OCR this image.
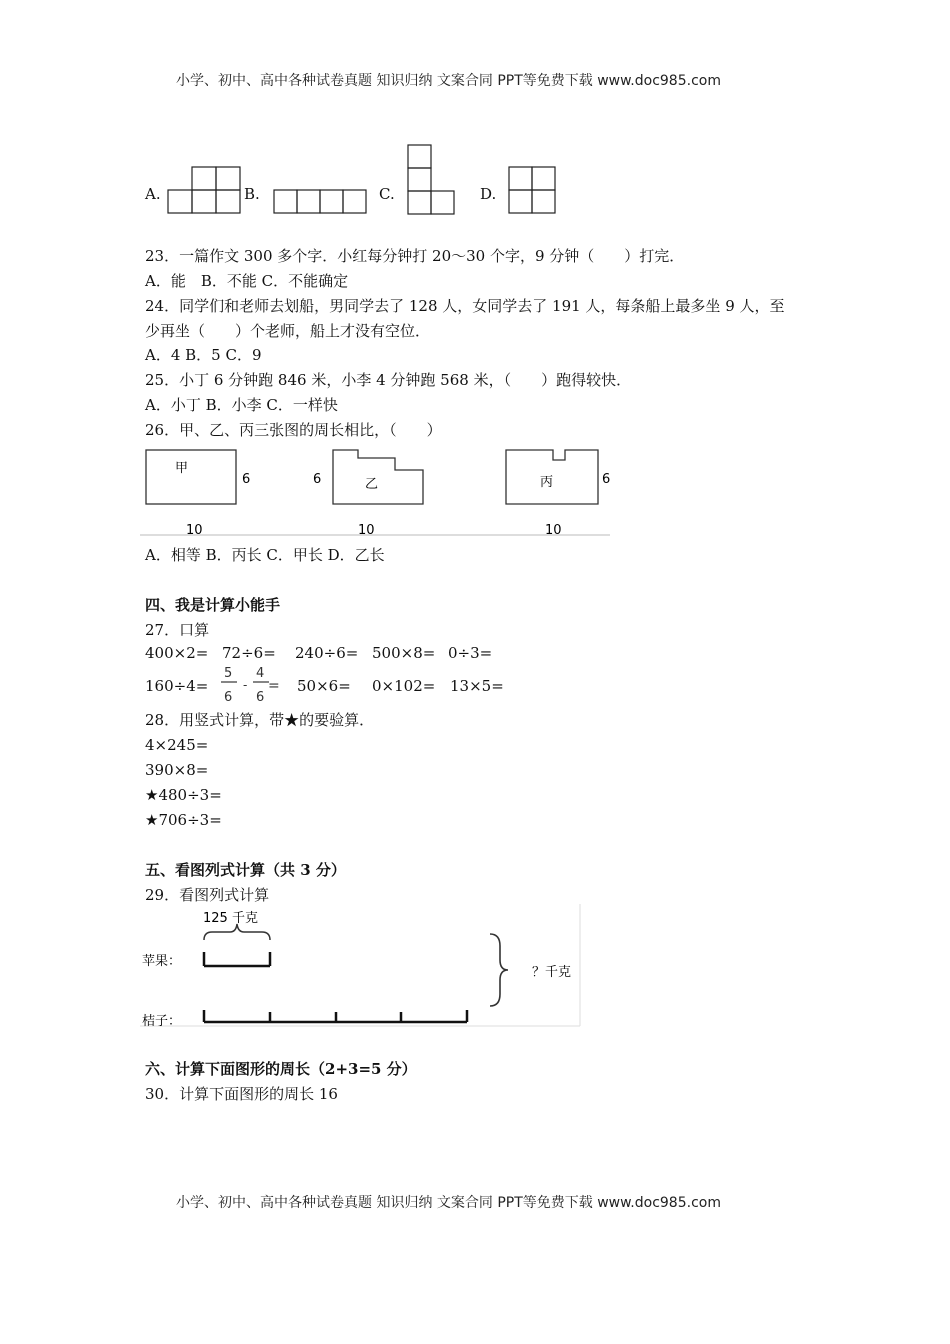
小学、初中、高中各种试卷真题 知识归纳 文案合同 PPT等免费下载 www.doc985.com
A.	B.	C.	D.
23．一篇作文 300 多个字．小红每分钟打 20～30 个字，9 分钟（　　）打完．
A．能　B．不能 C．不能确定
24．同学们和老师去划船，男同学去了 128 人，女同学去了 191 人，每条船上最多坐 9 人，至
少再坐（　　）个老师，船上才没有空位．
A．4 B．5 C．9
25．小丁 6 分钟跑 846 米，小李 4 分钟跑 568 米，（　　）跑得较快．
A．小丁 B．小李 C．一样快
26．甲、乙、丙三张图的周长相比，（　　）
甲
6
10
乙
6
10
丙	6
10
A．相等 B．丙长 C．甲长 D．乙长
四、我是计算小能手
27．口算
400×2= 72÷6= 240÷6= 500×8= 0÷3=
160÷4=
5
6
-
4
6
= 50×6= 0×102= 13×5=
28．用竖式计算，带★的要验算．
4×245=
390×8=
★480÷3=
★706÷3=
五、看图列式计算（共 3 分）
29．看图列式计算
125 千克
苹果：
桔子：
？千克
六、计算下面图形的周长（2+3=5 分）
30．计算下面图形的周长 16
小学、初中、高中各种试卷真题 知识归纳 文案合同 PPT等免费下载 www.doc985.com
